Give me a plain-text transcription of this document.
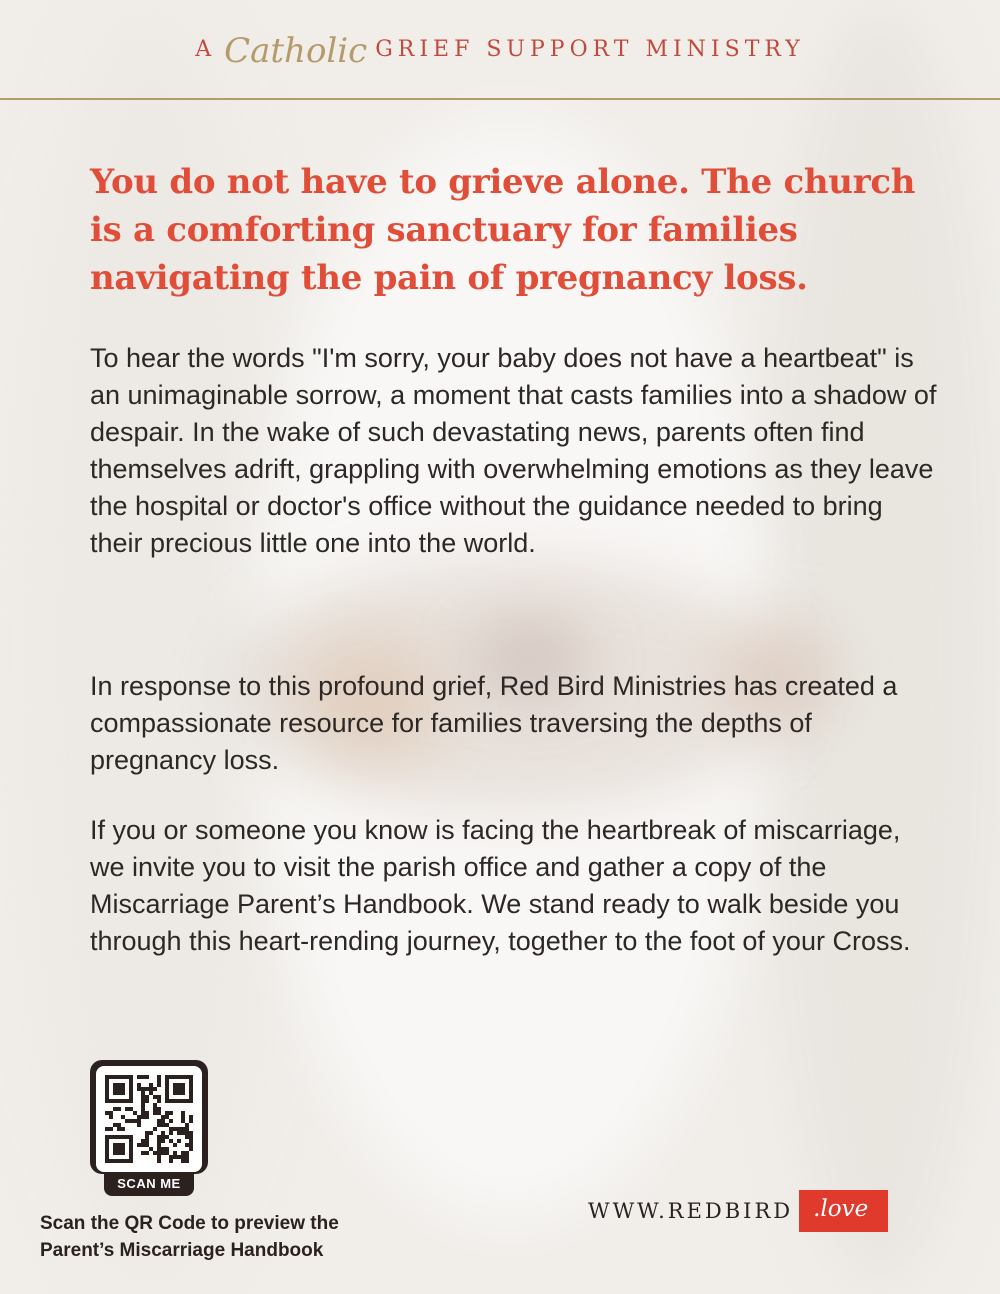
A Catholic GRIEF SUPPORT MINISTRY

You do not have to grieve alone. The church is a comforting sanctuary for families navigating the pain of pregnancy loss.

To hear the words "I'm sorry, your baby does not have a heartbeat" is an unimaginable sorrow, a moment that casts families into a shadow of despair. In the wake of such devastating news, parents often find themselves adrift, grappling with overwhelming emotions as they leave the hospital or doctor's office without the guidance needed to bring their precious little one into the world.

In response to this profound grief, Red Bird Ministries has created a compassionate resource for families traversing the depths of pregnancy loss.

If you or someone you know is facing the heartbreak of miscarriage, we invite you to visit the parish office and gather a copy of the Miscarriage Parent’s Handbook. We stand ready to walk beside you through this heart-rending journey, together to the foot of your Cross.

SCAN ME

Scan the QR Code to preview the
Parent’s Miscarriage Handbook

WWW.REDBIRD .love
